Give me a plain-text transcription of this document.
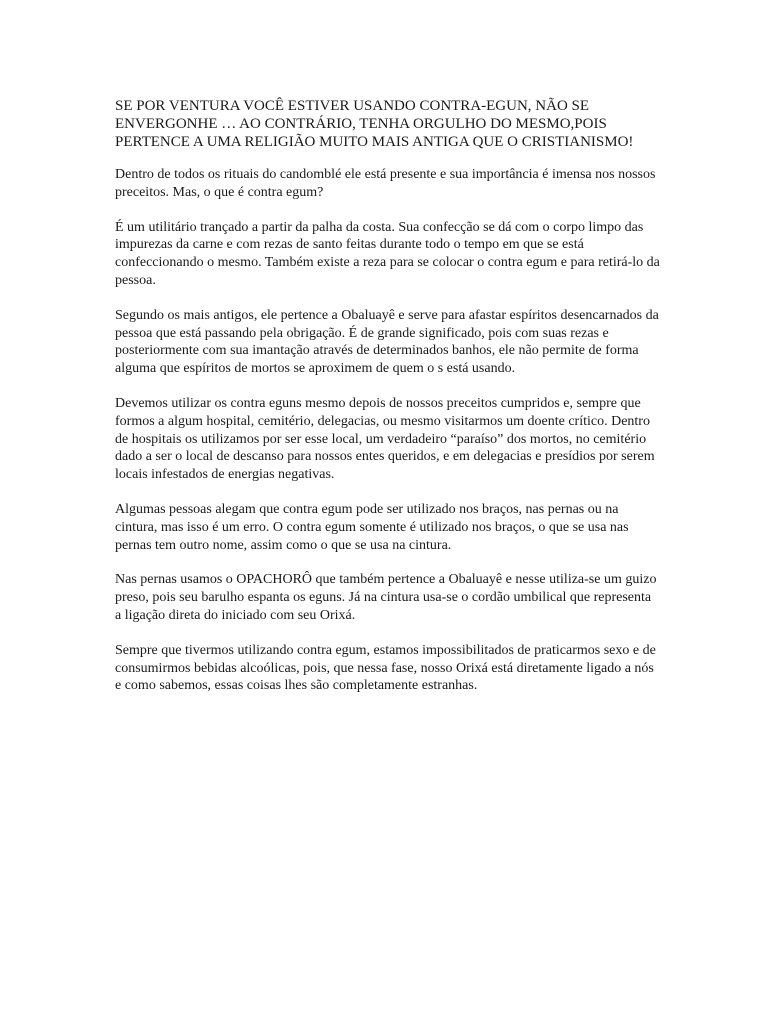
SE POR VENTURA VOCÊ ESTIVER USANDO CONTRA-EGUN, NÃO SE ENVERGONHE … AO CONTRÁRIO, TENHA ORGULHO DO MESMO,POIS PERTENCE A UMA RELIGIÃO MUITO MAIS ANTIGA QUE O CRISTIANISMO!

Dentro de todos os rituais do candomblé ele está presente e sua importância é imensa nos nossos preceitos. Mas, o que é contra egum?

É um utilitário trançado a partir da palha da costa. Sua confecção se dá com o corpo limpo das impurezas da carne e com rezas de santo feitas durante todo o tempo em que se está confeccionando o mesmo. Também existe a reza para se colocar o contra egum e para retirá-lo da pessoa.

Segundo os mais antigos, ele pertence a Obaluayê e serve para afastar espíritos desencarnados da pessoa que está passando pela obrigação. É de grande significado, pois com suas rezas e posteriormente com sua imantação através de determinados banhos, ele não permite de forma alguma que espíritos de mortos se aproximem de quem o s está usando.

Devemos utilizar os contra eguns mesmo depois de nossos preceitos cumpridos e, sempre que formos a algum hospital, cemitério, delegacias, ou mesmo visitarmos um doente crítico. Dentro de hospitais os utilizamos por ser esse local, um verdadeiro “paraíso” dos mortos, no cemitério dado a ser o local de descanso para nossos entes queridos, e em delegacias e presídios por serem locais infestados de energias negativas.

Algumas pessoas alegam que contra egum pode ser utilizado nos braços, nas pernas ou na cintura, mas isso é um erro. O contra egum somente é utilizado nos braços, o que se usa nas pernas tem outro nome, assim como o que se usa na cintura.

Nas pernas usamos o OPACHORÔ que também pertence a Obaluayê e nesse utiliza-se um guizo preso, pois seu barulho espanta os eguns. Já na cintura usa-se o cordão umbilical que representa a ligação direta do iniciado com seu Orixá.

Sempre que tivermos utilizando contra egum, estamos impossibilitados de praticarmos sexo e de consumirmos bebidas alcoólicas, pois, que nessa fase, nosso Orixá está diretamente ligado a nós e como sabemos, essas coisas lhes são completamente estranhas.
